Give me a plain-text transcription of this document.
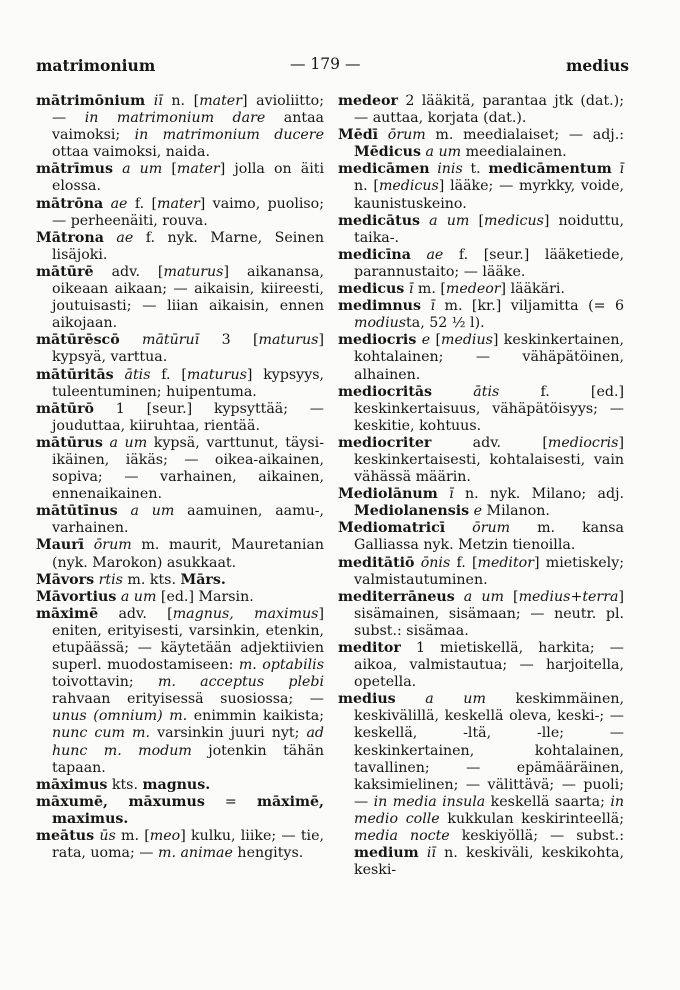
matrimonium	— 179 —	medius

mātrimōnium iī n. [mater] avioliitto; — in matrimonium dare antaa vaimoksi; in matrimonium ducere ottaa vaimoksi, naida.

mātrīmus a um [mater] jolla on äiti elossa.

mātrōna ae f. [mater] vaimo, puoliso; — perheenäiti, rouva.

Mātrona ae f. nyk. Marne, Seinen lisäjoki.

mātūrē adv. [maturus] aikanansa, oikeaan aikaan; — aikaisin, kiireesti, joutuisasti; — liian aikaisin, ennen aikojaan.

mātūrēscō mātūruī 3 [maturus] kypsyä, varttua.

mātūritās ātis f. [maturus] kypsyys, tuleentuminen; huipentuma.

mātūrō 1 [seur.] kypsyttää; — jouduttaa, kiiruhtaa, rientää.

mātūrus a um kypsä, varttunut, täysi-ikäinen, iäkäs; — oikea-aikainen, sopiva; — varhainen, aikainen, ennenaikainen.

mātūtīnus a um aamuinen, aamu-, varhainen.

Maurī ōrum m. maurit, Mauretanian (nyk. Marokon) asukkaat.

Māvors rtis m. kts. Mārs.

Māvortius a um [ed.] Marsin.

māximē adv. [magnus, maximus] eniten, erityisesti, varsinkin, etenkin, etupäässä; — käytetään adjektiivien superl. muodostamiseen: m. optabilis toivottavin; m. acceptus plebi rahvaan erityisessä suosiossa; — unus (omnium) m. enimmin kaikista; nunc cum m. varsinkin juuri nyt; ad hunc m. modum jotenkin tähän tapaan.

māximus kts. magnus.

māxumē, māxumus = māximē, maximus.

meātus ūs m. [meo] kulku, liike; — tie, rata, uoma; — m. animae hengitys.

medeor 2 lääkitä, parantaa jtk (dat.); — auttaa, korjata (dat.).

Mēdī ōrum m. meedialaiset; — adj.: Mēdicus a um meedialainen.

medicāmen inis t. medicāmentum ī n. [medicus] lääke; — myrkky, voide, kaunistuskeino.

medicātus a um [medicus] noiduttu, taika-.

medicīna ae f. [seur.] lääketiede, parannustaito; — lääke.

medicus ī m. [medeor] lääkäri.

medimnus ī m. [kr.] viljamitta (= 6 modiusta, 52 ½ l).

mediocris e [medius] keskinkertainen, kohtalainen; — vähäpätöinen, alhainen.

mediocritās	ātis f. [ed.] keskinkertaisuus, vähäpätöisyys; — keskitie, kohtuus.

mediocriter adv. [mediocris] keskinkertaisesti, kohtalaisesti, vain vähässä määrin.

Mediolānum ī n. nyk. Milano; adj. Mediolanensis e Milanon.

Mediomatricī ōrum m. kansa Galliassa nyk. Metzin tienoilla.

meditātiō ōnis f. [meditor] mietiskely; valmistautuminen.

mediterrāneus a um [medius+terra] sisämainen, sisämaan; — neutr. pl. subst.: sisämaa.

meditor 1 mietiskellä, harkita; — aikoa, valmistautua; — harjoitella, opetella.

medius a um keskimmäinen, keskivälillä, keskellä oleva, keski-; — keskellä, -ltä, -lle; — keskinkertainen, kohtalainen, tavallinen; — epämääräinen, kaksimielinen; — välittävä; — puoli; — in media insula keskellä saarta; in medio colle kukkulan keskirinteellä; media nocte keskiyöllä; — subst.: medium iī n. keskiväli, keskikohta, keski-
